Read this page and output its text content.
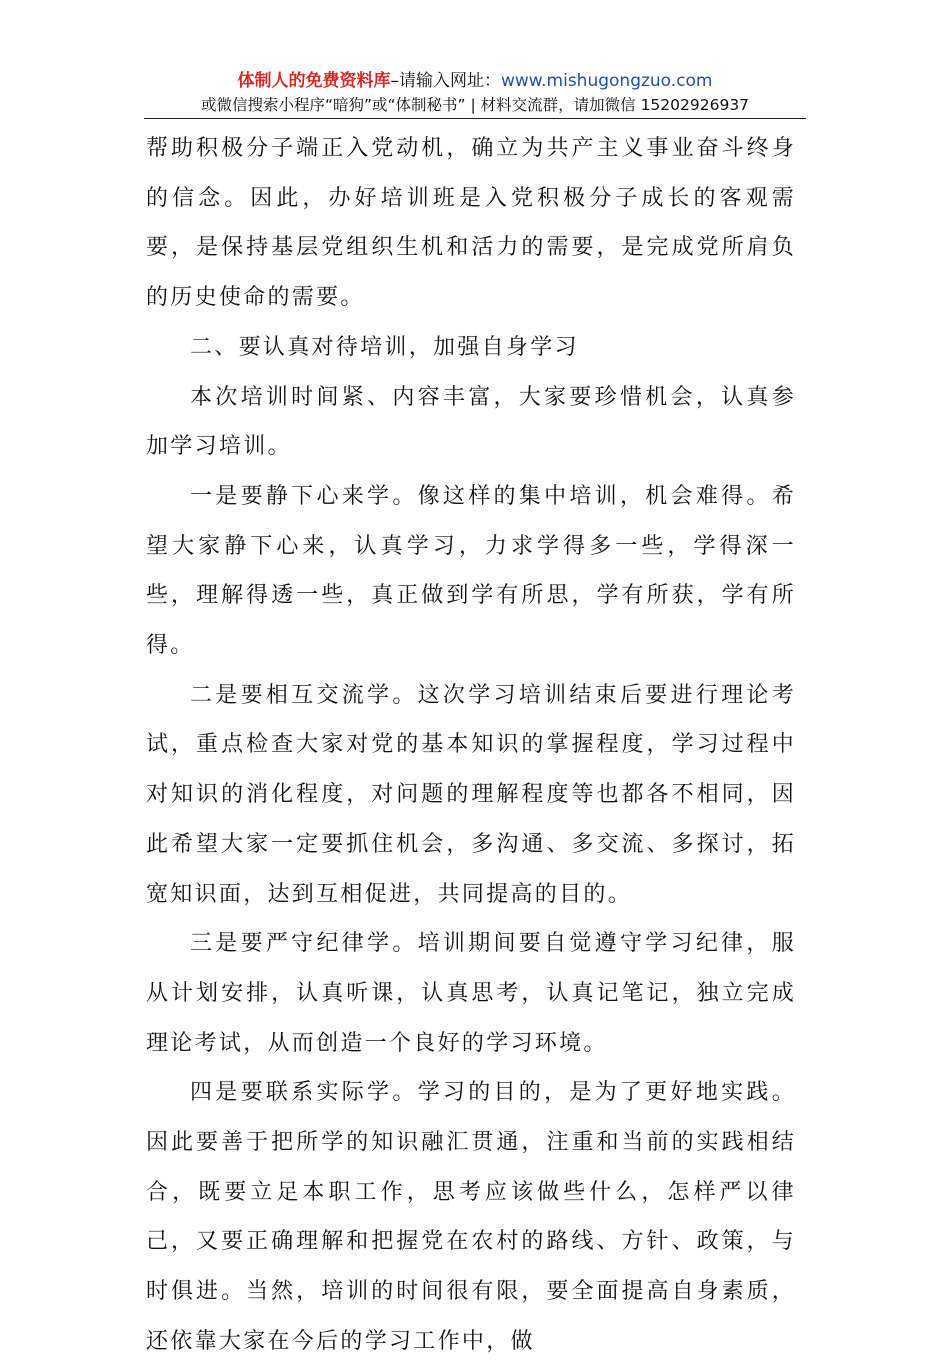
体制人的免费资料库–请输入网址：www.mishugongzuo.com
或微信搜索小程序“暗狗”或“体制秘书” | 材料交流群，请加微信 15202926937

帮助积极分子端正入党动机，确立为共产主义事业奋斗终身的信念。因此，办好培训班是入党积极分子成长的客观需要，是保持基层党组织生机和活力的需要，是完成党所肩负的历史使命的需要。

二、要认真对待培训，加强自身学习

本次培训时间紧、内容丰富，大家要珍惜机会，认真参加学习培训。

一是要静下心来学。像这样的集中培训，机会难得。希望大家静下心来，认真学习，力求学得多一些，学得深一些，理解得透一些，真正做到学有所思，学有所获，学有所得。

二是要相互交流学。这次学习培训结束后要进行理论考试，重点检查大家对党的基本知识的掌握程度，学习过程中对知识的消化程度，对问题的理解程度等也都各不相同，因此希望大家一定要抓住机会，多沟通、多交流、多探讨，拓宽知识面，达到互相促进，共同提高的目的。

三是要严守纪律学。培训期间要自觉遵守学习纪律，服从计划安排，认真听课，认真思考，认真记笔记，独立完成理论考试，从而创造一个良好的学习环境。

四是要联系实际学。学习的目的，是为了更好地实践。因此要善于把所学的知识融汇贯通，注重和当前的实践相结合，既要立足本职工作，思考应该做些什么，怎样严以律己，又要正确理解和把握党在农村的路线、方针、政策，与时俱进。当然，培训的时间很有限，要全面提高自身素质，还依靠大家在今后的学习工作中，做
